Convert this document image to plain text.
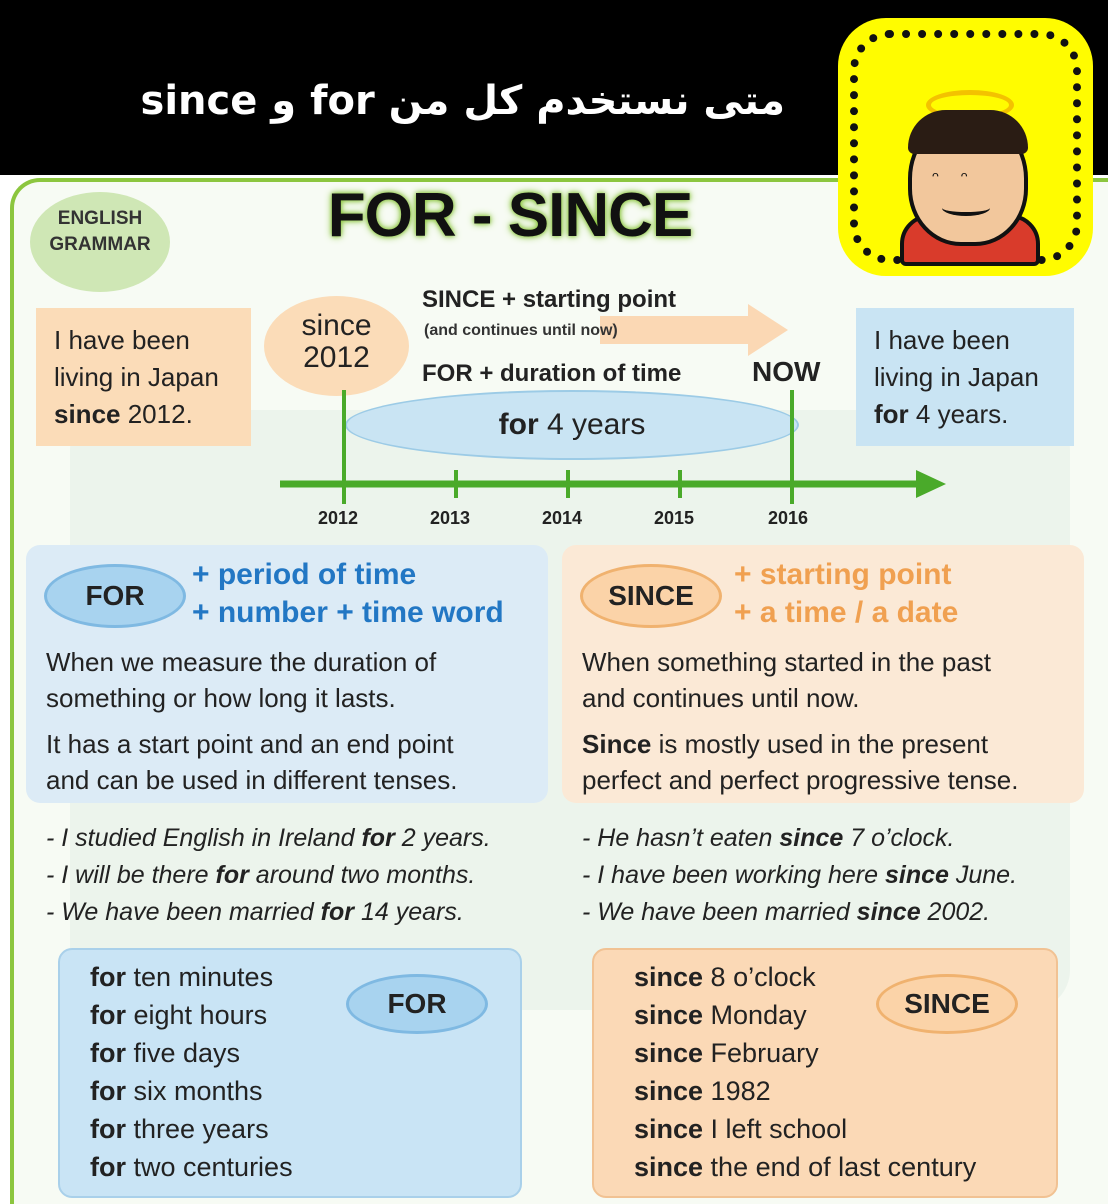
متى نستخدم كل من for و since
ᵔᵔ
ENGLISH
GRAMMAR	FOR - SINCE
I have been
living in Japan
since 2012.
I have been
living in Japan
for 4 years.
since
2012
SINCE + starting point
(and continues until now)
FOR + duration of time	NOW
for 4 years
2012	2013	2014	2015	2016
FOR
+ period of time
+ number + time word
When we measure the duration of
something or how long it lasts.
It has a start point and an end point
and can be used in different tenses.
SINCE
+ starting point
+ a time / a date
When something started in the past
and continues until now.
Since is mostly used in the present
perfect and perfect progressive tense.
- I studied English in Ireland for 2 years.
- I will be there for around two months.
- We have been married for 14 years.
- He hasn’t eaten since 7 o’clock.
- I have been working here since June.
- We have been married since 2002.
FOR
for ten minutes
for eight hours
for five days
for six months
for three years
for two centuries
SINCE
since 8 o’clock
since Monday
since February
since 1982
since I left school
since the end of last century
